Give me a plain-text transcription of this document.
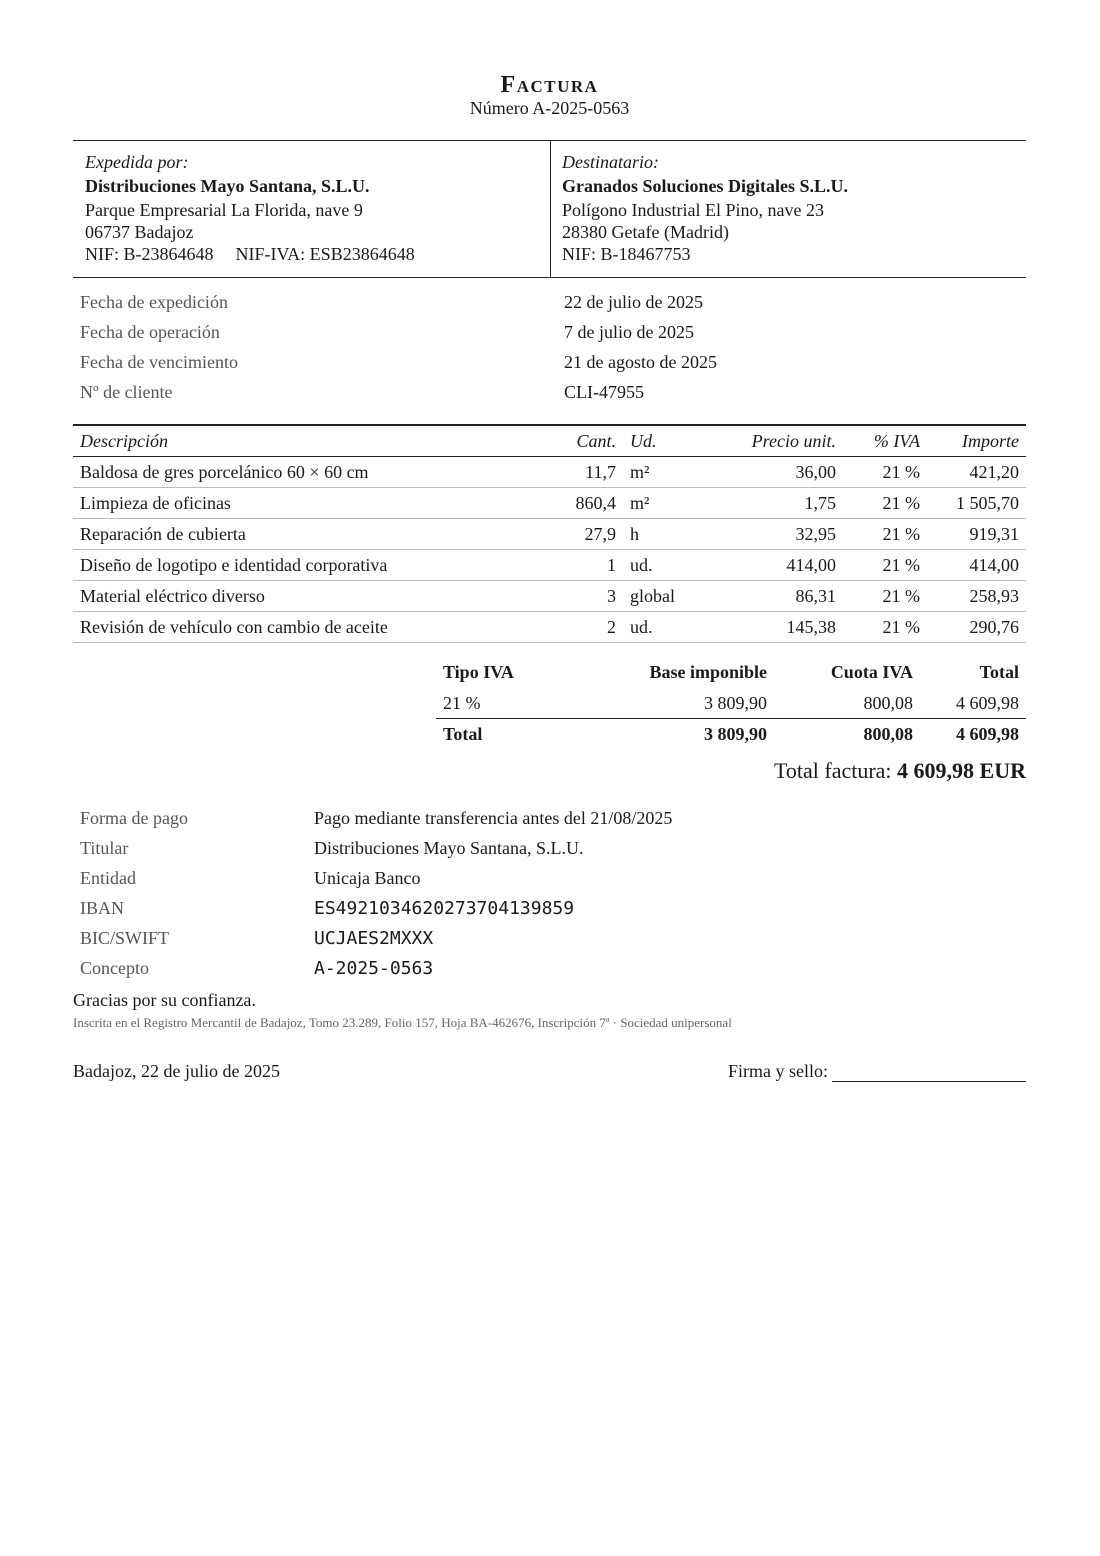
Factura
Número A-2025-0563
Expedida por:
Distribuciones Mayo Santana, S.L.U.
Parque Empresarial La Florida, nave 9
06737 Badajoz
NIF: B-23864648 NIF-IVA: ESB23864648
Destinatario:
Granados Soluciones Digitales S.L.U.
Polígono Industrial El Pino, nave 23
28380 Getafe (Madrid)
NIF: B-18467753
Fecha de expedición	22 de julio de 2025
Fecha de operación	7 de julio de 2025
Fecha de vencimiento	21 de agosto de 2025
Nº de cliente	CLI-47955
Descripción	Cant.	Ud.	Precio unit.	% IVA	Importe
Baldosa de gres porcelánico 60 × 60 cm	11,7	m²	36,00	21 %	421,20
Limpieza de oficinas	860,4	m²	1,75	21 %	1 505,70
Reparación de cubierta	27,9	h	32,95	21 %	919,31
Diseño de logotipo e identidad corporativa	1	ud.	414,00	21 %	414,00
Material eléctrico diverso	3	global	86,31	21 %	258,93
Revisión de vehículo con cambio de aceite	2	ud.	145,38	21 %	290,76
Tipo IVA	Base imponible	Cuota IVA	Total
21 %	3 809,90	800,08	4 609,98
Total	3 809,90	800,08	4 609,98
Total factura: 4 609,98 EUR
Forma de pago	Pago mediante transferencia antes del 21/08/2025
Titular	Distribuciones Mayo Santana, S.L.U.
Entidad	Unicaja Banco
IBAN	ES4921034620273704139859
BIC/SWIFT	UCJAES2MXXX
Concepto	A-2025-0563
Gracias por su confianza.
Inscrita en el Registro Mercantil de Badajoz, Tomo 23.289, Folio 157, Hoja BA-462676, Inscripción 7ª · Sociedad unipersonal
Badajoz, 22 de julio de 2025	Firma y sello:
